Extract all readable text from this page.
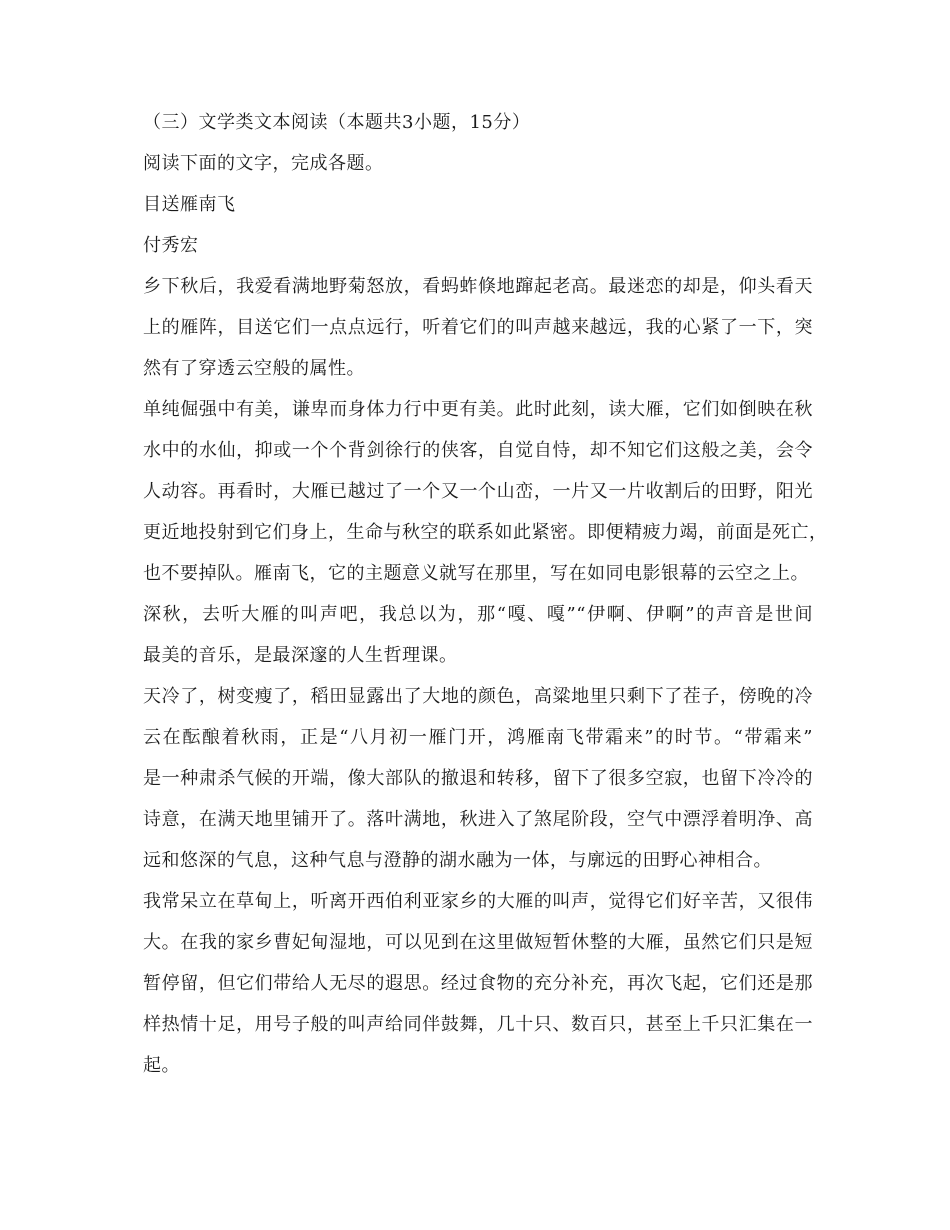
（三）文学类文本阅读（本题共3小题，15分）
阅读下面的文字，完成各题。
目送雁南飞
付秀宏
乡下秋后，我爱看满地野菊怒放，看蚂蚱倏地蹿起老高。最迷恋的却是，仰头看天
上的雁阵，目送它们一点点远行，听着它们的叫声越来越远，我的心紧了一下，突
然有了穿透云空般的属性。
单纯倔强中有美，谦卑而身体力行中更有美。此时此刻，读大雁，它们如倒映在秋
水中的水仙，抑或一个个背剑徐行的侠客，自觉自恃，却不知它们这般之美，会令
人动容。再看时，大雁已越过了一个又一个山峦，一片又一片收割后的田野，阳光
更近地投射到它们身上，生命与秋空的联系如此紧密。即便精疲力竭，前面是死亡，
也不要掉队。雁南飞，它的主题意义就写在那里，写在如同电影银幕的云空之上。
深秋，去听大雁的叫声吧，我总以为，那“嘎、嘎”“伊啊、伊啊”的声音是世间
最美的音乐，是最深邃的人生哲理课。
天冷了，树变瘦了，稻田显露出了大地的颜色，高粱地里只剩下了茬子，傍晚的冷
云在酝酿着秋雨，正是“八月初一雁门开，鸿雁南飞带霜来”的时节。“带霜来”
是一种肃杀气候的开端，像大部队的撤退和转移，留下了很多空寂，也留下冷冷的
诗意，在满天地里铺开了。落叶满地，秋进入了煞尾阶段，空气中漂浮着明净、高
远和悠深的气息，这种气息与澄静的湖水融为一体，与廓远的田野心神相合。
我常呆立在草甸上，听离开西伯利亚家乡的大雁的叫声，觉得它们好辛苦，又很伟
大。在我的家乡曹妃甸湿地，可以见到在这里做短暂休整的大雁，虽然它们只是短
暂停留，但它们带给人无尽的遐思。经过食物的充分补充，再次飞起，它们还是那
样热情十足，用号子般的叫声给同伴鼓舞，几十只、数百只，甚至上千只汇集在一
起。
